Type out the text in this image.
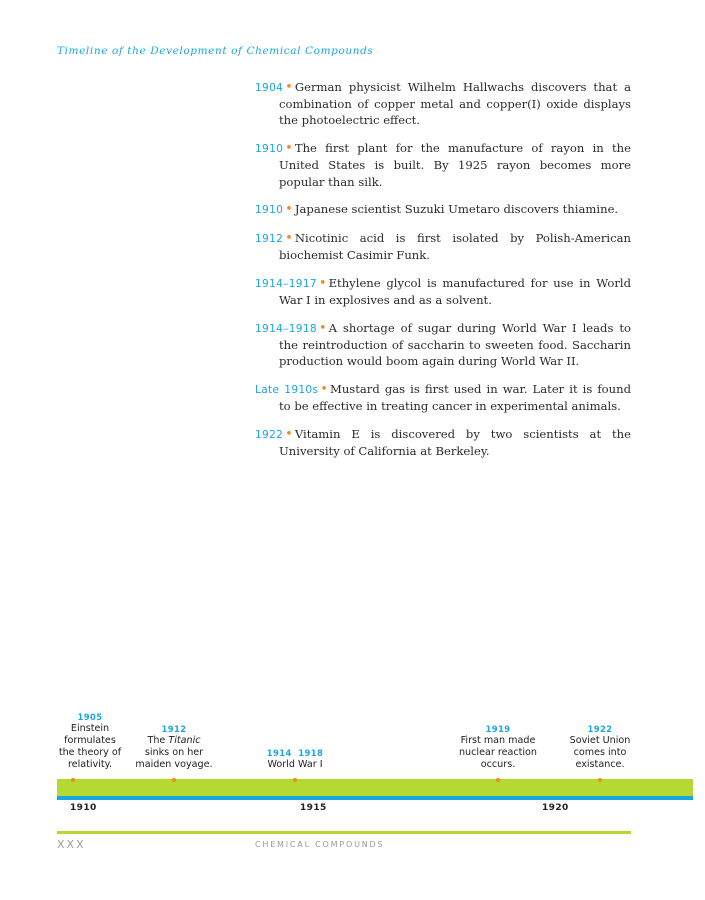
Timeline of the Development of Chemical Compounds

1904 • German physicist Wilhelm Hallwachs discovers that a combination of copper metal and copper(I) oxide displays the photoelectric effect.

1910 • The first plant for the manufacture of rayon in the United States is built. By 1925 rayon becomes more popular than silk.

1910 • Japanese scientist Suzuki Umetaro discovers thiamine.

1912 • Nicotinic acid is first isolated by Polish-American biochemist Casimir Funk.

1914–1917 • Ethylene glycol is manufactured for use in World War I in explosives and as a solvent.

1914–1918 • A shortage of sugar during World War I leads to the reintroduction of saccharin to sweeten food. Saccharin production would boom again during World War II.

Late 1910s • Mustard gas is first used in war. Later it is found to be effective in treating cancer in experimental animals.

1922 • Vitamin E is discovered by two scientists at the University of California at Berkeley.

1905
Einstein
formulates
the theory of
relativity.
1912
The Titanic
sinks on her
maiden voyage.
1914  1918
World War I
1919
First man made
nuclear reaction
occurs.
1922
Soviet Union
comes into
existance.
1910	1915	1920
XXX	CHEMICAL COMPOUNDS
